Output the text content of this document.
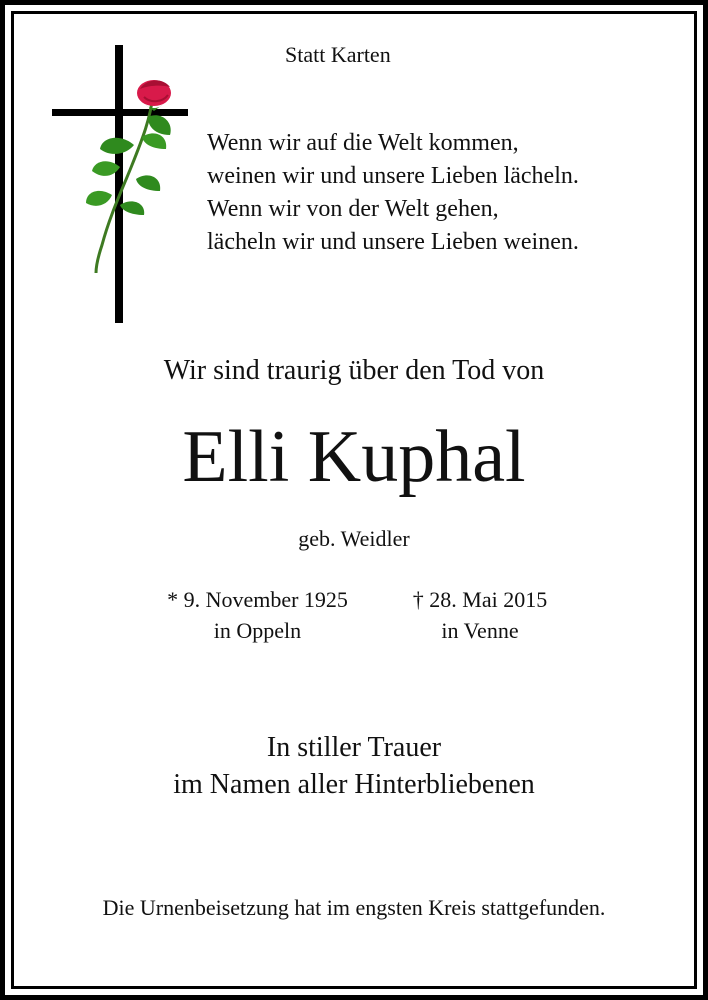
Statt Karten
Wenn wir auf die Welt kommen,
weinen wir und unsere Lieben lächeln.
Wenn wir von der Welt gehen,
lächeln wir und unsere Lieben weinen.
Wir sind traurig über den Tod von
Elli Kuphal
geb. Weidler
* 9. November 1925
in Oppeln
† 28. Mai 2015
in Venne
In stiller Trauer
im Namen aller Hinterbliebenen
Die Urnenbeisetzung hat im engsten Kreis stattgefunden.
